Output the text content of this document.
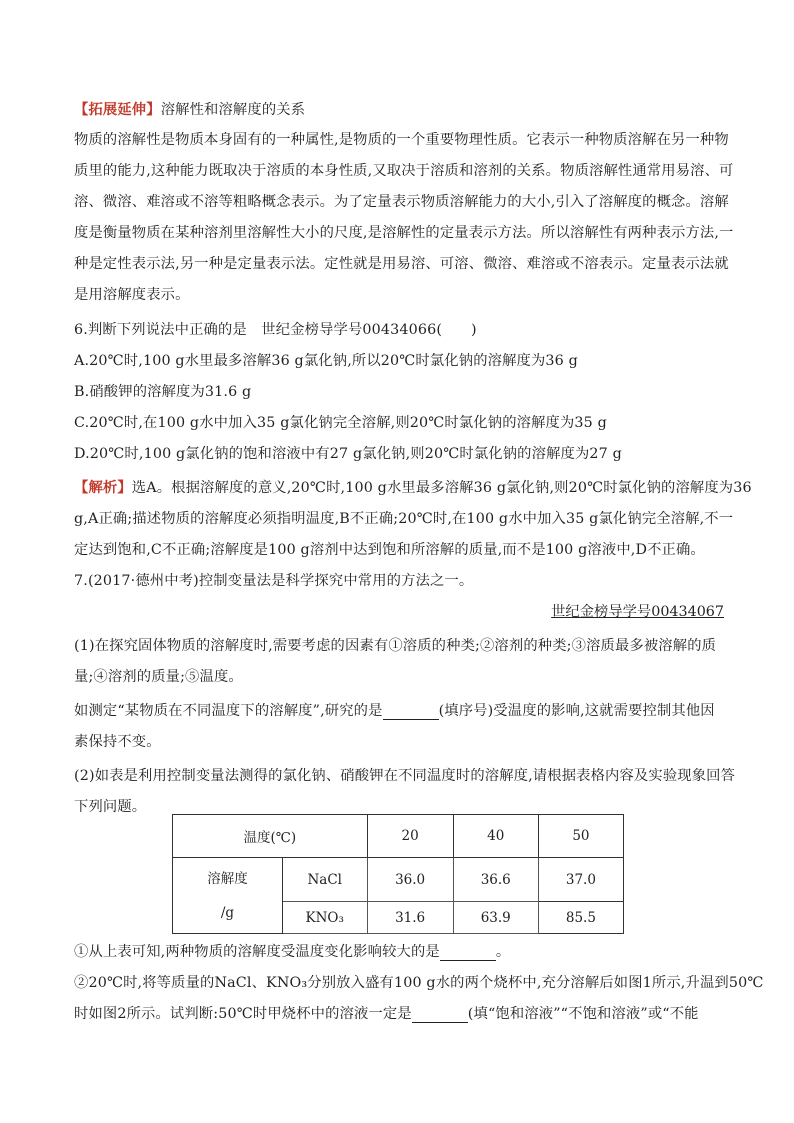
【拓展延伸】溶解性和溶解度的关系
物质的溶解性是物质本身固有的一种属性,是物质的一个重要物理性质。它表示一种物质溶解在另一种物
质里的能力,这种能力既取决于溶质的本身性质,又取决于溶质和溶剂的关系。物质溶解性通常用易溶、可
溶、微溶、难溶或不溶等粗略概念表示。为了定量表示物质溶解能力的大小,引入了溶解度的概念。溶解
度是衡量物质在某种溶剂里溶解性大小的尺度,是溶解性的定量表示方法。所以溶解性有两种表示方法,一
种是定性表示法,另一种是定量表示法。定性就是用易溶、可溶、微溶、难溶或不溶表示。定量表示法就
是用溶解度表示。
6.判断下列说法中正确的是　世纪金榜导学号00434066(　　)
A.20℃时,100 g水里最多溶解36 g氯化钠,所以20℃时氯化钠的溶解度为36 g
B.硝酸钾的溶解度为31.6 g
C.20℃时,在100 g水中加入35 g氯化钠完全溶解,则20℃时氯化钠的溶解度为35 g
D.20℃时,100 g氯化钠的饱和溶液中有27 g氯化钠,则20℃时氯化钠的溶解度为27 g
【解析】选A。根据溶解度的意义,20℃时,100 g水里最多溶解36 g氯化钠,则20℃时氯化钠的溶解度为36
g,A正确;描述物质的溶解度必须指明温度,B不正确;20℃时,在100 g水中加入35 g氯化钠完全溶解,不一
定达到饱和,C不正确;溶解度是100 g溶剂中达到饱和所溶解的质量,而不是100 g溶液中,D不正确。
7.(2017·德州中考)控制变量法是科学探究中常用的方法之一。
世纪金榜导学号00434067
(1)在探究固体物质的溶解度时,需要考虑的因素有①溶质的种类;②溶剂的种类;③溶质最多被溶解的质
量;④溶剂的质量;⑤温度。
如测定“某物质在不同温度下的溶解度”,研究的是	(填序号)受温度的影响,这就需要控制其他因
素保持不变。
(2)如表是利用控制变量法测得的氯化钠、硝酸钾在不同温度时的溶解度,请根据表格内容及实验现象回答
下列问题。
温度(℃)		20	40	50
溶解度
/g	NaCl	36.0	36.6	37.0
	KNO₃	31.6	63.9	85.5
①从上表可知,两种物质的溶解度受温度变化影响较大的是	。
②20℃时,将等质量的NaCl、KNO₃分别放入盛有100 g水的两个烧杯中,充分溶解后如图1所示,升温到50℃
时如图2所示。试判断:50℃时甲烧杯中的溶液一定是	(填“饱和溶液”“不饱和溶液”或“不能
